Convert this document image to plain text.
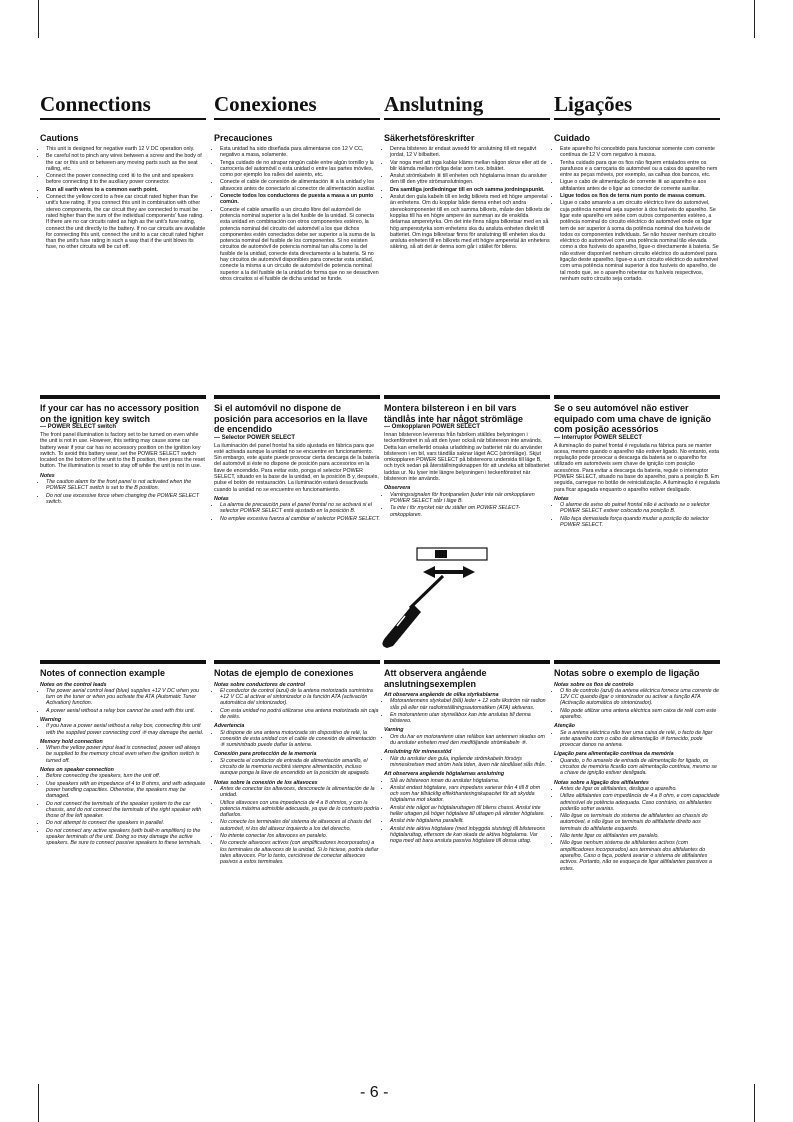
Connections
Cautions
• This unit is designed for negative earth 12 V DC operation only.
• Be careful not to pinch any wires between a screw and the body of the car or this unit or between any moving parts such as the seat railing, etc.
• Connect the power connecting cord ⑧ to the unit and speakers before connecting it to the auxiliary power connector.
• Run all earth wires to a common earth point.
• Connect the yellow cord to a free car circuit rated higher than the unit's fuse rating. If you connect this unit in combination with other stereo components, the car circuit they are connected to must be rated higher than the sum of the individual components' fuse rating. If there are no car circuits rated as high as the unit's fuse rating, connect the unit directly to the battery. If no car circuits are available for connecting this unit, connect the unit to a car circuit rated higher than the unit's fuse rating in such a way that if the unit blows its fuse, no other circuits will be cut off.
If your car has no accessory position on the ignition key switch
— POWER SELECT switch

The front panel illumination is factory set to be turned on even while the unit is not in use. However, this setting may cause some car battery wear if your car has no accessory position on the ignition key switch. To avoid this battery wear, set the POWER SELECT switch located on the bottom of the unit to the B position, then press the reset button. The illumination is reset to stay off while the unit is not in use.

Notes
• The caution alarm for the front panel is not activated when the POWER SELECT switch is set to the B position.
• Do not use excessive force when changing the POWER SELECT switch.
Notes of connection example
Notes on the control leads
• The power aerial control lead (blue) supplies +12 V DC when you turn on the tuner or when you activate the ATA (Automatic Tuner Activation) function.
• A power aerial without a relay box cannot be used with this unit.
Warning
• If you have a power aerial without a relay box, connecting this unit with the supplied power connecting cord ⑧ may damage the aerial.
Memory hold connection
• When the yellow power input lead is connected, power will always be supplied to the memory circuit even when the ignition switch is turned off.
Notes on speaker connection
• Before connecting the speakers, turn the unit off.
• Use speakers with an impedance of 4 to 8 ohms, and with adequate power handling capacities. Otherwise, the speakers may be damaged.
• Do not connect the terminals of the speaker system to the car chassis, and do not connect the terminals of the right speaker with those of the left speaker.
• Do not attempt to connect the speakers in parallel.
• Do not connect any active speakers (with built-in amplifiers) to the speaker terminals of the unit. Doing so may damage the active speakers. Be sure to connect passive speakers to these terminals.
Conexiones
Precauciones
• Esta unidad ha sido diseñada para alimentarse con 12 V CC, negativo a masa, solamente.
• Tenga cuidado de no atrapar ningún cable entre algún tornillo y la carrocería del automóvil o esta unidad o entre las partes móviles, como por ejemplo los raíles del asiento, etc.
• Conecte el cable de conexión de alimentación ⑧ a la unidad y los altavoces antes de conectarlo al conector de alimentación auxiliar.
• Conecte todos los conductores de puesta a masa a un punto común.
• Conecte el cable amarillo a un circuito libre del automóvil de potencia nominal superior a la del fusible de la unidad. Si conecta esta unidad en combinación con otros componentes estéreo, la potencia nominal del circuito del automóvil a los que dichos componentes estén conectados debe ser superior a la suma de la potencia nominal del fusible de los componentes. Si no existen circuitos de automóvil de potencia nominal tan alta como la del fusible de la unidad, conecte ésta directamente a la batería. Si no hay circuitos de automóvil disponibles para conectar esta unidad, conecte la misma a un circuito de automóvil de potencia nominal superior a la del fusible de la unidad de forma que no se desactiven otros circuitos si el fusible de dicha unidad se funde.
Si el automóvil no dispone de posición para accesorios en la llave de encendido
— Selector POWER SELECT

La iluminación del panel frontal ha sido ajustada en fábrica para que esté activada aunque la unidad no se encuentre en funcionamiento. Sin embargo, este ajuste puede provocar cierta descarga de la batería del automóvil si éste no dispone de posición para accesorios en la llave de encendido. Para evitar esto, ponga el selector POWER SELECT, situado en la base de la unidad, en la posición B y, después, pulse el botón de restauración. La iluminación estará desactivada cuando la unidad no se encuentre en funcionamiento.

Notas
• La alarma de precaución para el panel frontal no se activará si el selector POWER SELECT está ajustado en la posición B.
• No emplee excesiva fuerza al cambiar el selector POWER SELECT.
Notas de ejemplo de conexiones
Notas sobre conductores de control
• El conductor de control (azul) de la antena motorizada suministra +12 V CC al activar el sintonizador o la función ATA (activación automática del sintonizador).
• Con esta unidad no podrá utilizarse una antena motorizada sin caja de relés.
Advertencia
• Si dispone de una antena motorizada sin dispositivo de relé, la conexión de esta unidad con el cable de conexión de alimentación ⑧ suministrado puede dañar la antena.
Conexión para protección de la memoria
• Si conecta el conductor de entrada de alimentación amarillo, el circuito de la memoria recibirá siempre alimentación, incluso aunque ponga la llave de encendido en la posición de apagado.
Notas sobre la conexión de los altavoces
• Antes de conectar los altavoces, desconecte la alimentación de la unidad.
• Utilice altavoces con una impedancia de 4 a 8 ohmios, y con la potencia máxima admisible adecuada, ya que de lo contrario podría dañarlos.
• No conecte los terminales del sistema de altavoces al chasis del automóvil, ni los del altavoz izquierdo a los del derecho.
• No intente conectar los altavoces en paralelo.
• No conecte altavoces activos (con amplificadores incorporados) a los terminales de altavoces de la unidad. Si lo hiciese, podría dañar tales altavoces. Por lo tanto, cerciórese de conectar altavoces pasivos a estos terminales.
Anslutning
Säkerhetsföreskrifter
• Denna bilstereo är endast avsedd för anslutning till ett negativt jordat, 12 V bilbatteri.
• Var noga med att inga kablar kläms mellan någon skruv eller att de blir klämda mellan rörliga delar som t.ex. bilsätet.
• Anslut strömkabeln ⑧ till enheten och högtalarna innan du ansluter den till den yttre strömanslutningen.
• Dra samtliga jordledningar till en och samma jordningspunkt.
• Anslut den gula kabeln till en ledig bilkrets med ett högre amperetal än enhetens. Om du kopplar både denna enhet och andra stereokomponenter till en och samma bilkrets, måste den bilkrets de kopplas till ha en högre ampere än summan av de enskilda delarnas amperetyrka. Om det inte finns några bilkretsar med en så hög amperestyrka som enhetens ska du ansluta enheten direkt till batteriet. Om inga bilkretsar finns för anslutning till enheten ska du ansluta enheten till en bilkrets med ett högre amperetal än enhetens säkring, så att det är denna som går i stället för bilens.
Montera bilstereon i en bil vars tändlås inte har något strömläge
— Omkopplaren POWER SELECT

Innan bilstereon levereras från fabriken ställdes belysningen i teckenfönstret in så att den lyser också när bilstereon inte används. Detta kan emellertid orsaka urladdning av batteriet när du använder bilstereon i en bil, vars tändlås saknar läget ACC (strömläge). Skjut omkopplaren POWER SELECT på bilstereons undersida till läge B, och tryck sedan på återställningsknappen för att undvika att bilbatteriet laddas ur. Nu lyser inte längre belysningen i teckenfönstret när bilstereon inte används.

Observera
• Varningssignalen för frontpanelen ljuder inte när omkopplaren POWER SELECT står i läge B.
• Ta inte i för mycket när du ställer om POWER SELECT-omkopplaren.
Att observera angående anslutningsexemplen
Att observera angående de olika styrkablarna
• Motorantennens styrkabel (blå) leder + 12 volts likström när radion slås på eller när radioinställningsautomatiken (ATA) aktiveras.
• En motorantenn utan styrreläbox kan inte anslutas till denna bilstereo.
Varning
• Om du har en motorantenn utan reläbox kan antennen skadas om du ansluter enheten med den medföljande strömkabeln ⑧.
Anslutning för minnesstöd
• När du ansluter den gula, ingående strömkabeln försörjs minneskretsen med ström hela tiden, även när tändlåset slås ifrån.
Att observera angående högtalarnas anslutning
• Slå av bilstereon innan du ansluter högtalarna.
• Anslut endast högtalare, vars impedans varierar från 4 till 8 ohm och som har tillräcklig effekthanteringskapacitet för att skydda högtalarna mot skador.
• Anslut inte något av högtalaruttagen till bilens chassi. Anslut inte heller uttagen på höger högtalare till uttagen på vänster högtalare.
• Anslut inte högtalarna parallellt.
• Anslut inte aktiva högtalare (med inbyggda slutsteg) till bilstereons högtalaruttag, eftersom de kan skada de aktiva högtalarna. Var noga med att bara ansluta passiva högtalare till dessa uttag.
Ligações
Cuidado
• Este aparelho foi concebido para funcionar somente com corrente contínua de 12 V com negativo à massa.
• Tenha cuidado para que os fios não fiquem entalados entre os parafusos e a carroçaria do automóvel ou a caixa do aparelho nem entre as peças móveis, por exemplo, as calhas dos bancos, etc.
• Ligue o cabo de alimentação de corrente ⑧ ao aparelho e aos altifalantes antes de o ligar ao conector de corrente auxiliar.
• Ligue todos os fios de terra num ponto de massa comum.
• Ligue o cabo amarelo a um circuito eléctrico livre do automóvel, cuja potência nominal seja superior à dos fusíveis do aparelho. Se ligar este aparelho em série com outros componentes estéreo, a potência nominal do circuito eléctrico do automóvel onde os ligar tem de ser superior à soma da potência nominal dos fusíveis de todos os componentes individuais. Se não houver nenhum circuito eléctrico do automóvel com uma potência nominal tão elevada como a dos fusíveis do aparelho, ligue-o directamente à bateria. Se não estiver disponível nenhum circuito eléctrico do automóvel para ligação deste aparelho, ligue-o a um circuito eléctrico do automóvel com uma potência nominal superior à dos fusíveis do aparelho, de tal modo que, se o aparelho rebentar os fusíveis respectivos, nenhum outro circuito seja cortado.
Se o seu automóvel não estiver equipado com uma chave de ignição com posição acessórios
— Interruptor POWER SELECT

A iluminação do painel frontal é regulada na fábrica para se manter acesa, mesmo quando o aparelho não estiver ligado. No entanto, esta regulação pode provocar a descarga da bateria se o aparelho for utilizado em automóveis sem chave de ignição com posição acessórios. Para evitar a descarga da bateria, regule o interruptor POWER SELECT, situado na base do aparelho, para a posição B. Em seguida, carregue no botão de reinicialização. A iluminação é regulada para ficar apagada enquanto o aparelho estiver desligado.

Notas
• O alarme de aviso do painel frontal não é activado se o selector POWER SELECT estiver colocado na posição B.
• Não faça demasiada força quando mudar a posição do selector POWER SELECT.
Notas sobre o exemplo de ligação
Notas sobre os fios de controlo
• O fio de controlo (azul) da antena eléctrica fornece uma corrente de 12V CC quando ligar o sintonizador ou activar a função ATA (Activação automática do sintonizador).
• Não pode utilizar uma antena eléctrica sem caixa de relé com este aparelho.
Atenção
• Se a antena eléctrica não tiver uma caixa de relé, o facto de ligar este aparelho com o cabo de alimentação ⑧ fornecido, pode provocar danos na antena.
Ligação para alimentação contínua da memória
• Quando, o fio amarelo de entrada de alimentação for ligado, os circuitos de memória ficarão com alimentação contínua, mesmo se a chave de ignição estiver desligada.
Notas sobre a ligação dos altifalantes
• Antes de ligar os altifalantes, desligue o aparelho.
• Utilize altifalantes com impedância de 4 a 8 ohm, e com capacidade admissível de potência adequada. Caso contrário, os altifalantes poderão sofrer avarias.
• Não ligue os terminais do sistema de altifalantes ao chassis do automóvel, e não ligue os terminais do altifalante direito aos terminais do altifalante esquerdo.
• Não tente ligar os altifalantes em paralelo.
• Não ligue nenhum sistema de altifalantes activos (com amplificadores incorporados) aos terminais dos altifalantes do aparelho. Caso o faça, poderá avariar o sistema de altifalantes activos. Portanto, não se esqueça de ligar altifalantes passivos a estes.
- 6 -
